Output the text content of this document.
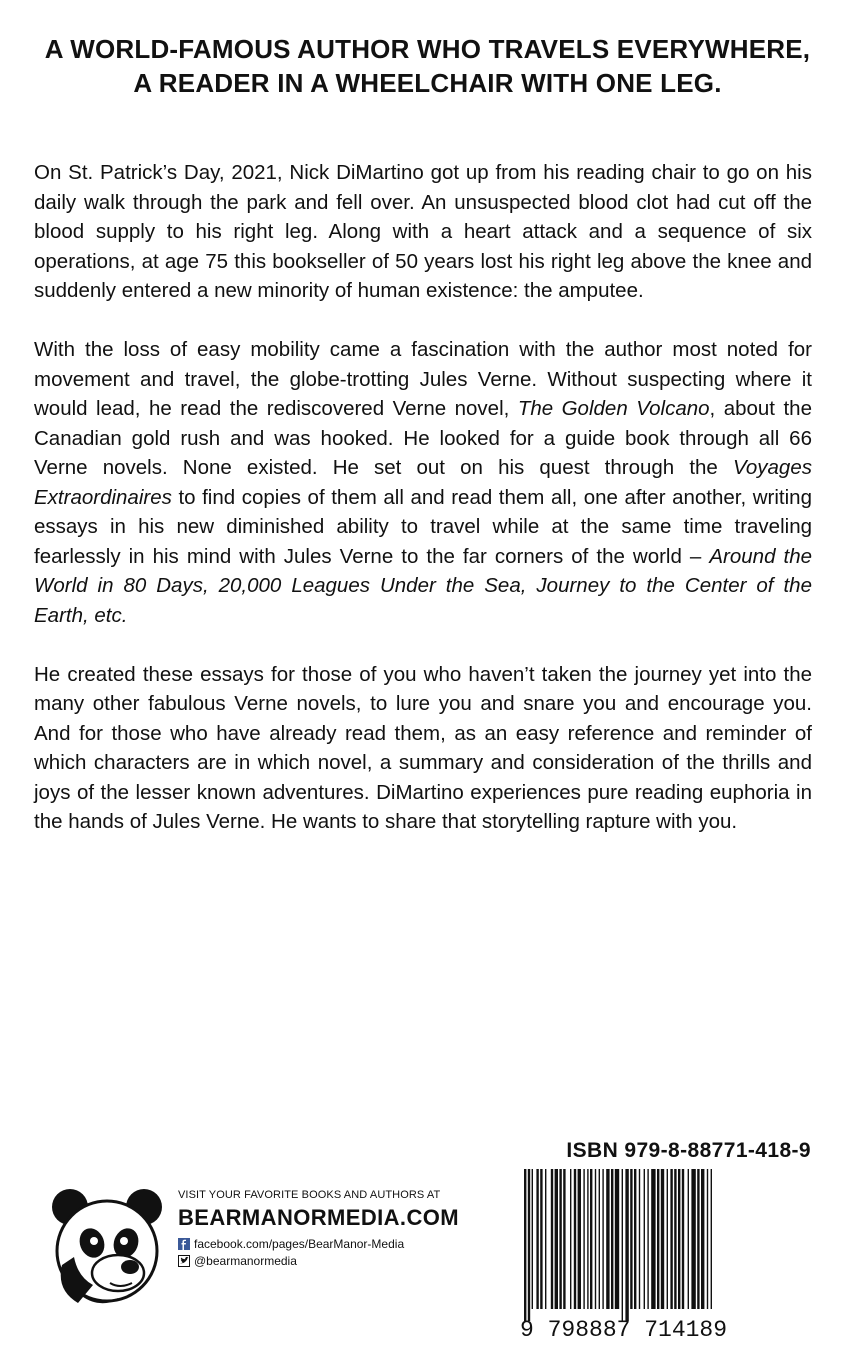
A WORLD-FAMOUS AUTHOR WHO TRAVELS EVERYWHERE,
A READER IN A WHEELCHAIR WITH ONE LEG.

On St. Patrick’s Day, 2021, Nick DiMartino got up from his reading chair to go on his daily walk through the park and fell over. An unsuspected blood clot had cut off the blood supply to his right leg. Along with a heart attack and a sequence of six operations, at age 75 this bookseller of 50 years lost his right leg above the knee and suddenly entered a new minority of human existence: the amputee.

With the loss of easy mobility came a fascination with the author most noted for movement and travel, the globe-trotting Jules Verne. Without suspecting where it would lead, he read the rediscovered Verne novel, The Golden Volcano, about the Canadian gold rush and was hooked. He looked for a guide book through all 66 Verne novels. None existed. He set out on his quest through the Voyages Extraordinaires to find copies of them all and read them all, one after another, writing essays in his new diminished ability to travel while at the same time traveling fearlessly in his mind with Jules Verne to the far corners of the world – Around the World in 80 Days, 20,000 Leagues Under the Sea, Journey to the Center of the Earth, etc.

He created these essays for those of you who haven’t taken the journey yet into the many other fabulous Verne novels, to lure you and snare you and encourage you. And for those who have already read them, as an easy reference and reminder of which characters are in which novel, a summary and consideration of the thrills and joys of the lesser known adventures. DiMartino experiences pure reading euphoria in the hands of Jules Verne. He wants to share that storytelling rapture with you.

VISIT YOUR FAVORITE BOOKS AND AUTHORS AT
BEARMANORMEDIA.COM
facebook.com/pages/BearManor-Media
@bearmanormedia
ISBN 979-8-88771-418-9
9 798887 714189
